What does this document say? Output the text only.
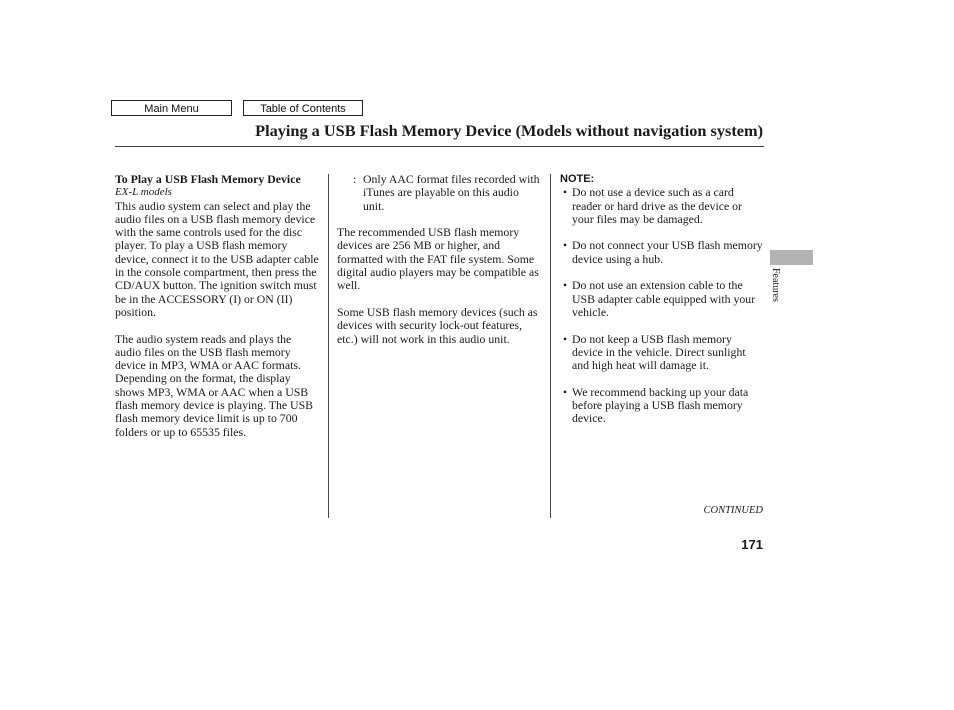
Main Menu	Table of Contents
Playing a USB Flash Memory Device (Models without navigation system)

To Play a USB Flash Memory Device

EX-L models

This audio system can select and play the audio files on a USB flash memory device with the same controls used for the disc player. To play a USB flash memory device, connect it to the USB adapter cable in the console compartment, then press the CD/AUX button. The ignition switch must be in the ACCESSORY (I) or ON (II) position.

The audio system reads and plays the audio files on the USB flash memory device in MP3, WMA or AAC formats. Depending on the format, the display shows MP3, WMA or AAC when a USB flash memory device is playing. The USB flash memory device limit is up to 700 folders or up to 65535 files.

: Only AAC format files recorded with iTunes are playable on this audio unit.

The recommended USB flash memory devices are 256 MB or higher, and formatted with the FAT file system. Some digital audio players may be compatible as well.

Some USB flash memory devices (such as devices with security lock-out features, etc.) will not work in this audio unit.

NOTE:

• Do not use a device such as a card reader or hard drive as the device or your files may be damaged.
• Do not connect your USB flash memory device using a hub.
• Do not use an extension cable to the USB adapter cable equipped with your vehicle.
• Do not keep a USB flash memory device in the vehicle. Direct sunlight and high heat will damage it.
• We recommend backing up your data before playing a USB flash memory device.
CONTINUED
171
Features
